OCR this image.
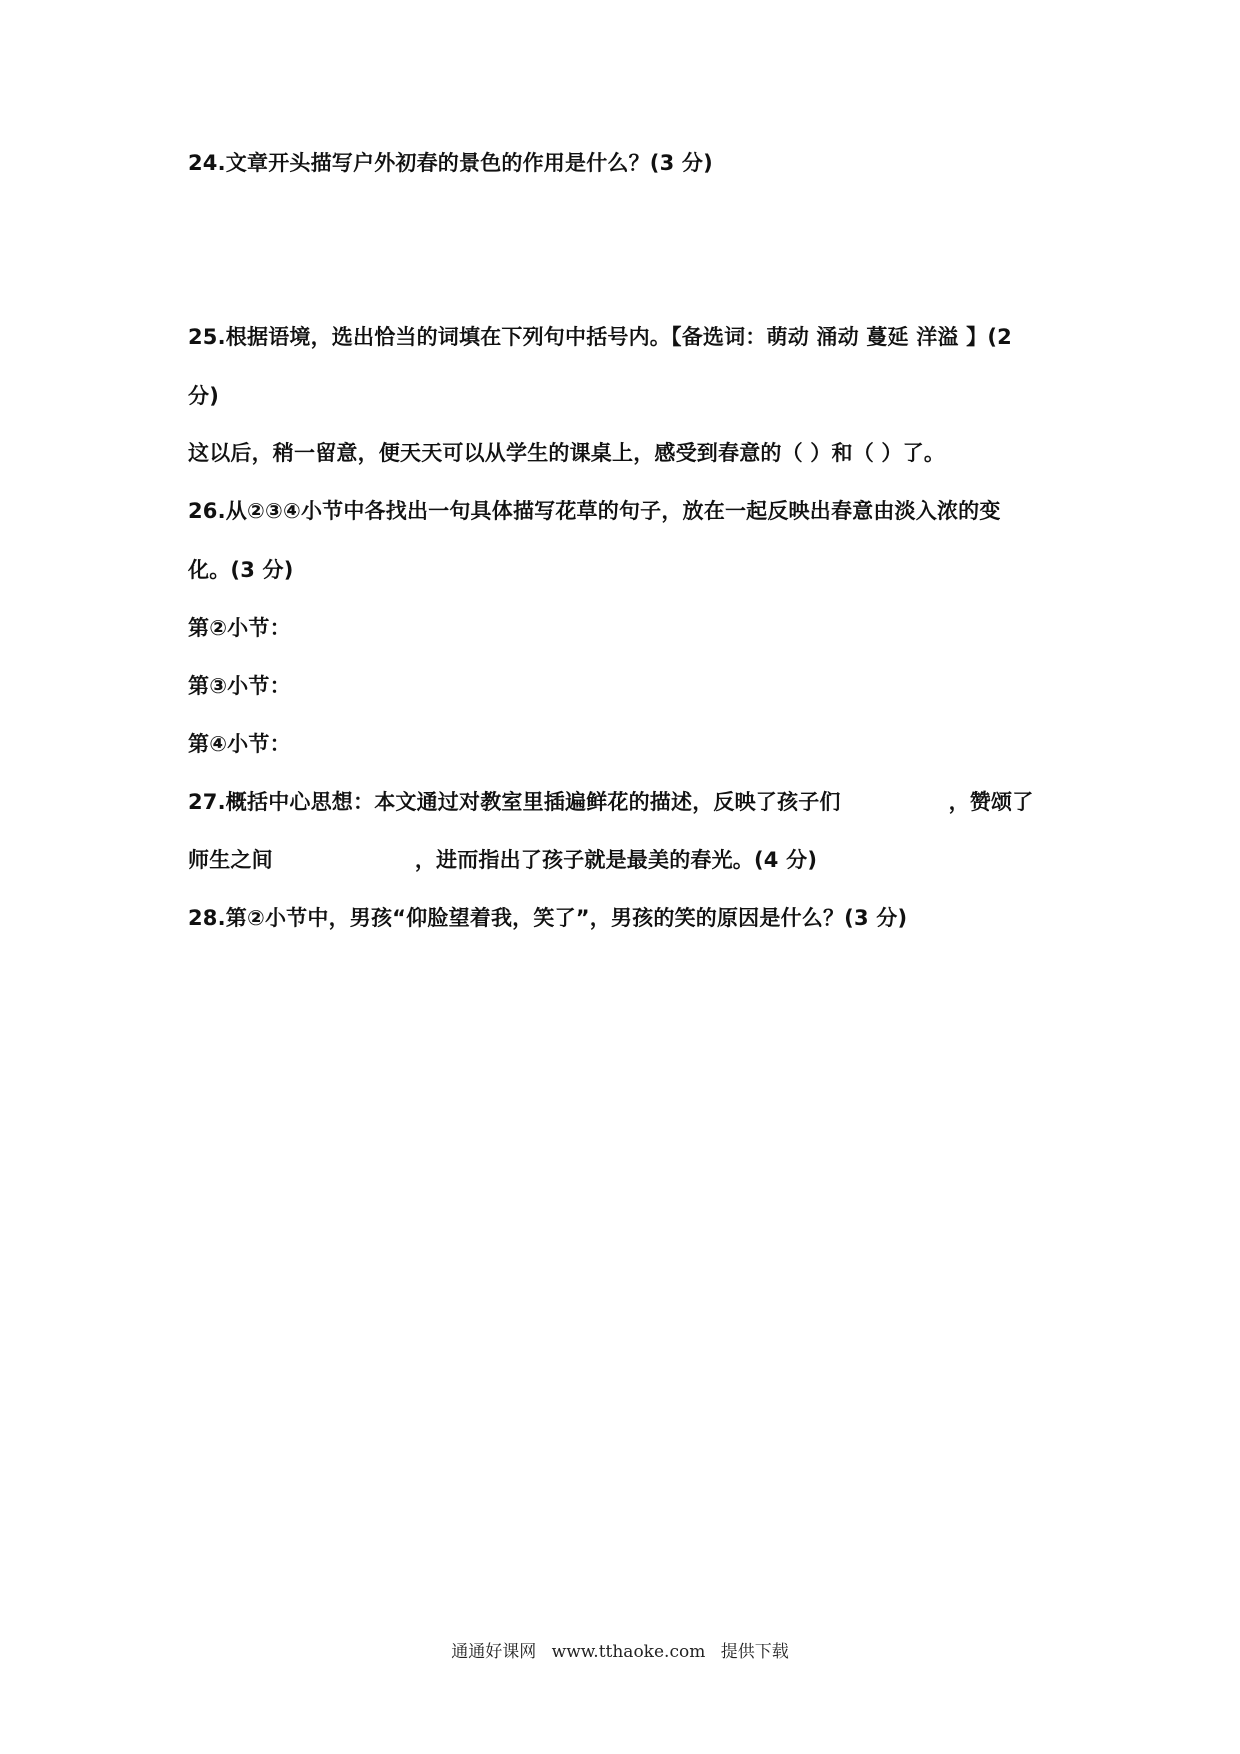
24.文章开头描写户外初春的景色的作用是什么？(3 分)
25.根据语境，选出恰当的词填在下列句中括号内。【备选词：萌动 涌动 蔓延 洋溢 】(2
分)
这以后，稍一留意，便天天可以从学生的课桌上，感受到春意的（ ）和（ ）了。
26.从②③④小节中各找出一句具体描写花草的句子，放在一起反映出春意由淡入浓的变
化。(3 分)
第②小节：
第③小节：
第④小节：
27.概括中心思想：本文通过对教室里插遍鲜花的描述，反映了孩子们	，赞颂了
师生之间	，进而指出了孩子就是最美的春光。(4 分)
28.第②小节中，男孩“仰脸望着我，笑了”，男孩的笑的原因是什么？(3 分)
通通好课网 www.tthaoke.com 提供下载
